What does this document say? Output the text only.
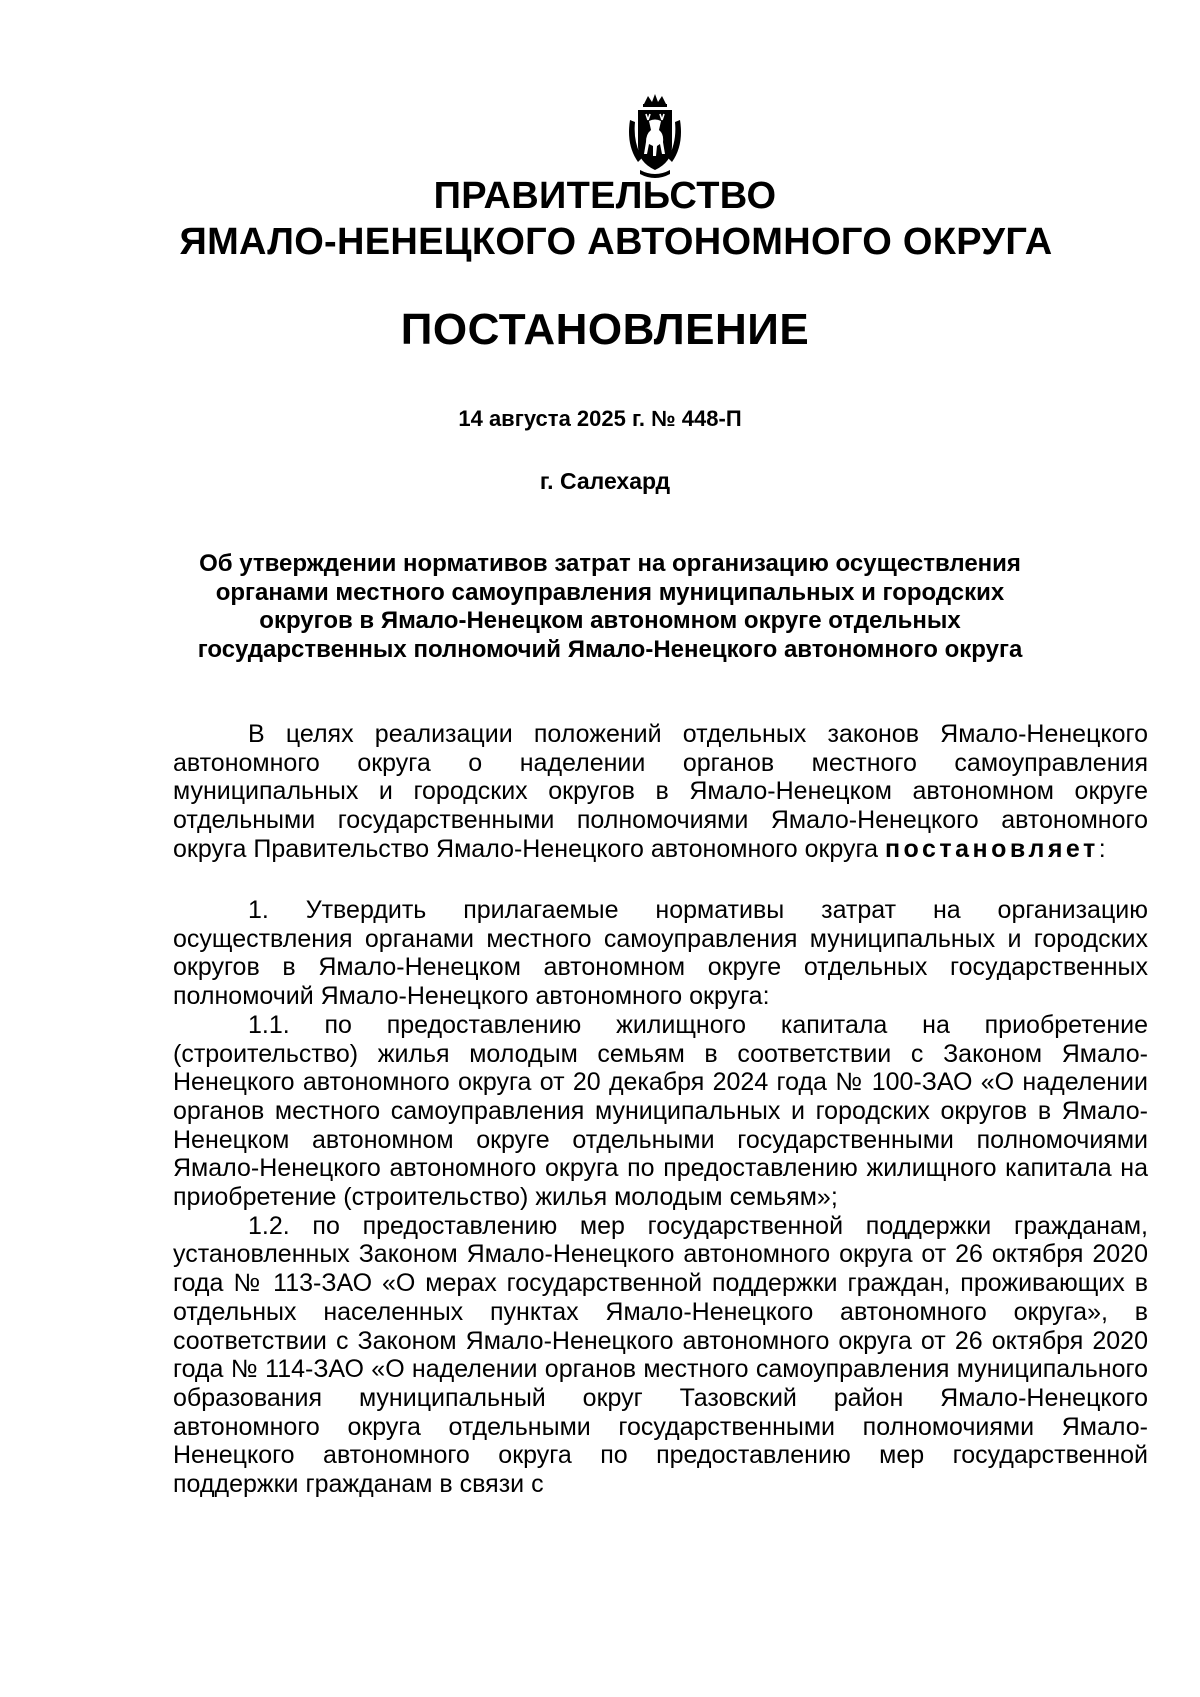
ПРАВИТЕЛЬСТВО
ЯМАЛО-НЕНЕЦКОГО АВТОНОМНОГО ОКРУГА
ПОСТАНОВЛЕНИЕ
14 августа 2025 г. № 448-П
г. Салехард
Об утверждении нормативов затрат на организацию осуществления
органами местного самоуправления муниципальных и городских
округов в Ямало-Ненецком автономном округе отдельных
государственных полномочий Ямало-Ненецкого автономного округа

В целях реализации положений отдельных законов Ямало-Ненецкого автономного округа о наделении органов местного самоуправления муниципальных и городских округов в Ямало-Ненецком автономном округе отдельными государственными полномочиями Ямало-Ненецкого автономного округа Правительство Ямало-Ненецкого автономного округа постановляет:

1. Утвердить прилагаемые нормативы затрат на организацию осуществления органами местного самоуправления муниципальных и городских округов в Ямало-Ненецком автономном округе отдельных государственных полномочий Ямало-Ненецкого автономного округа:

1.1. по предоставлению жилищного капитала на приобретение (строительство) жилья молодым семьям в соответствии с Законом Ямало-Ненецкого автономного округа от 20 декабря 2024 года № 100-ЗАО «О наделении органов местного самоуправления муниципальных и городских округов в Ямало-Ненецком автономном округе отдельными государственными полномочиями Ямало-Ненецкого автономного округа по предоставлению жилищного капитала на приобретение (строительство) жилья молодым семьям»;

1.2. по предоставлению мер государственной поддержки гражданам, установленных Законом Ямало-Ненецкого автономного округа от 26 октября 2020 года № 113-ЗАО «О мерах государственной поддержки граждан, проживающих в отдельных населенных пунктах Ямало-Ненецкого автономного округа», в соответствии с Законом Ямало-Ненецкого автономного округа от 26 октября 2020 года № 114-ЗАО «О наделении органов местного самоуправления муниципального образования муниципальный округ Тазовский район Ямало-Ненецкого автономного округа отдельными государственными полномочиями Ямало-Ненецкого автономного округа по предоставлению мер государственной поддержки гражданам в связи с
